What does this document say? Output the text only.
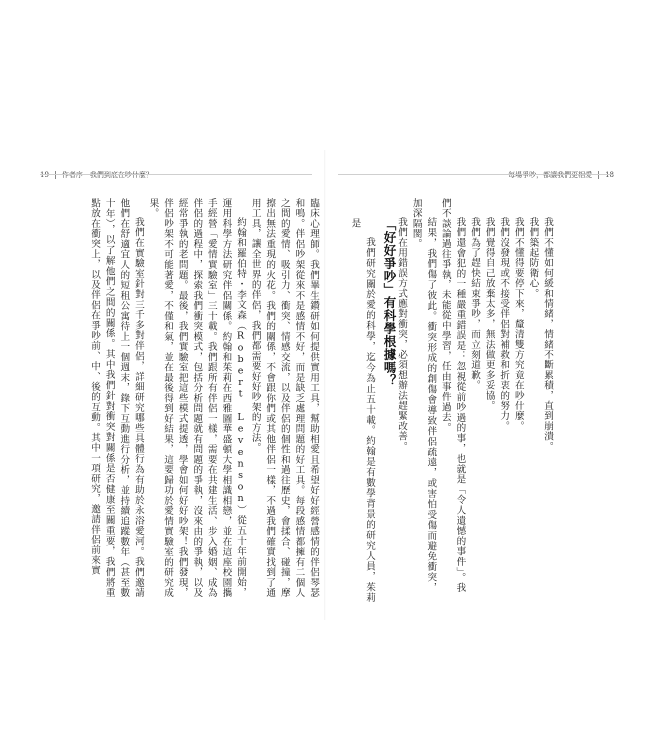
19 作者序　我們到底在吵什麼？	每場爭吵，都讓我們更相愛 18
我們不懂如何緩和情緒，情緒不斷累積，直到崩潰。
我們築起防衛心。
我們不懂得要停下來，釐清雙方究竟在吵什麼。
我們沒發現或不接受伴侶對補救和折衷的努力。
我們覺得自己放棄太多，無法做更多妥協。
我們為了趕快結束爭吵，而立刻道歉。
我們還會犯的一種嚴重錯誤是：忽視從前吵過的事，也就是「令人遺憾的事件」。我們不談論過往爭執，未能從中學習，任由事件過去。
結果，我們傷了彼此。衝突形成的創傷會導致伴侶疏遠，或害怕受傷而避免衝突，加深隔閡。
我們在用錯誤方式應對衝突，必須想辦法趕緊改善。
「好好爭吵」有科學根據嗎？
我們研究關於愛的科學，迄今為止五十載。約翰是有數學背景的研究人員，茱莉是
臨床心理師。我們畢生鑽研如何提供實用工具，幫助相愛且希望好好經營感情的伴侶琴瑟和鳴。伴侶吵架從來不是感情不好，而是缺乏處理問題的好工具。每段感情都擁有二個人之間的愛情、吸引力、衝突、情感交流，以及伴侶的個性和過往歷史，會揉合、碰撞，摩擦出無法重現的火花。我們的關係，不會跟你們或其他伴侶一樣，不過我們確實找到了通用工具，讓全世界的伴侶，我們都需要好好吵架的方法。
約翰和羅伯特・李文森（Robert Levenson）從五十年前開始，運用科學方法研究伴侶關係。約翰和茱莉在西雅圖華盛頓大學相識相戀，並在這座校園攜手經營「愛情實驗室」三十載。我們跟所有伴侶一樣，需要在共建生活、步入婚姻、成為伴侶的過程中，探索我們衝突模式，包括分析問題就有問題的爭執，沒來由的爭執，以及經常爭執的老問題。最後，我們實驗室把這些模式提透，學會如何好好吵架！我們發現，伴侶吵架不可能著愛，不僅和氣，並在最後得到好結果，這要歸功於愛情實驗室的研究成果。
我們在實驗室針對三千多對伴侶，詳細研究哪些具體行為有助於永浴愛河。我們邀請他們在舒適宜人的短租公寓待上一個週末，錄下互動進行分析，並持續追蹤數年（甚至數十年），以了解他們之間的關係。其中我們針對衝突對關係是否健康至關重要，我們將重點放在衝突上，以及伴侶在爭吵前、中、後的互動。其中一項研究，邀請伴侶前來實
